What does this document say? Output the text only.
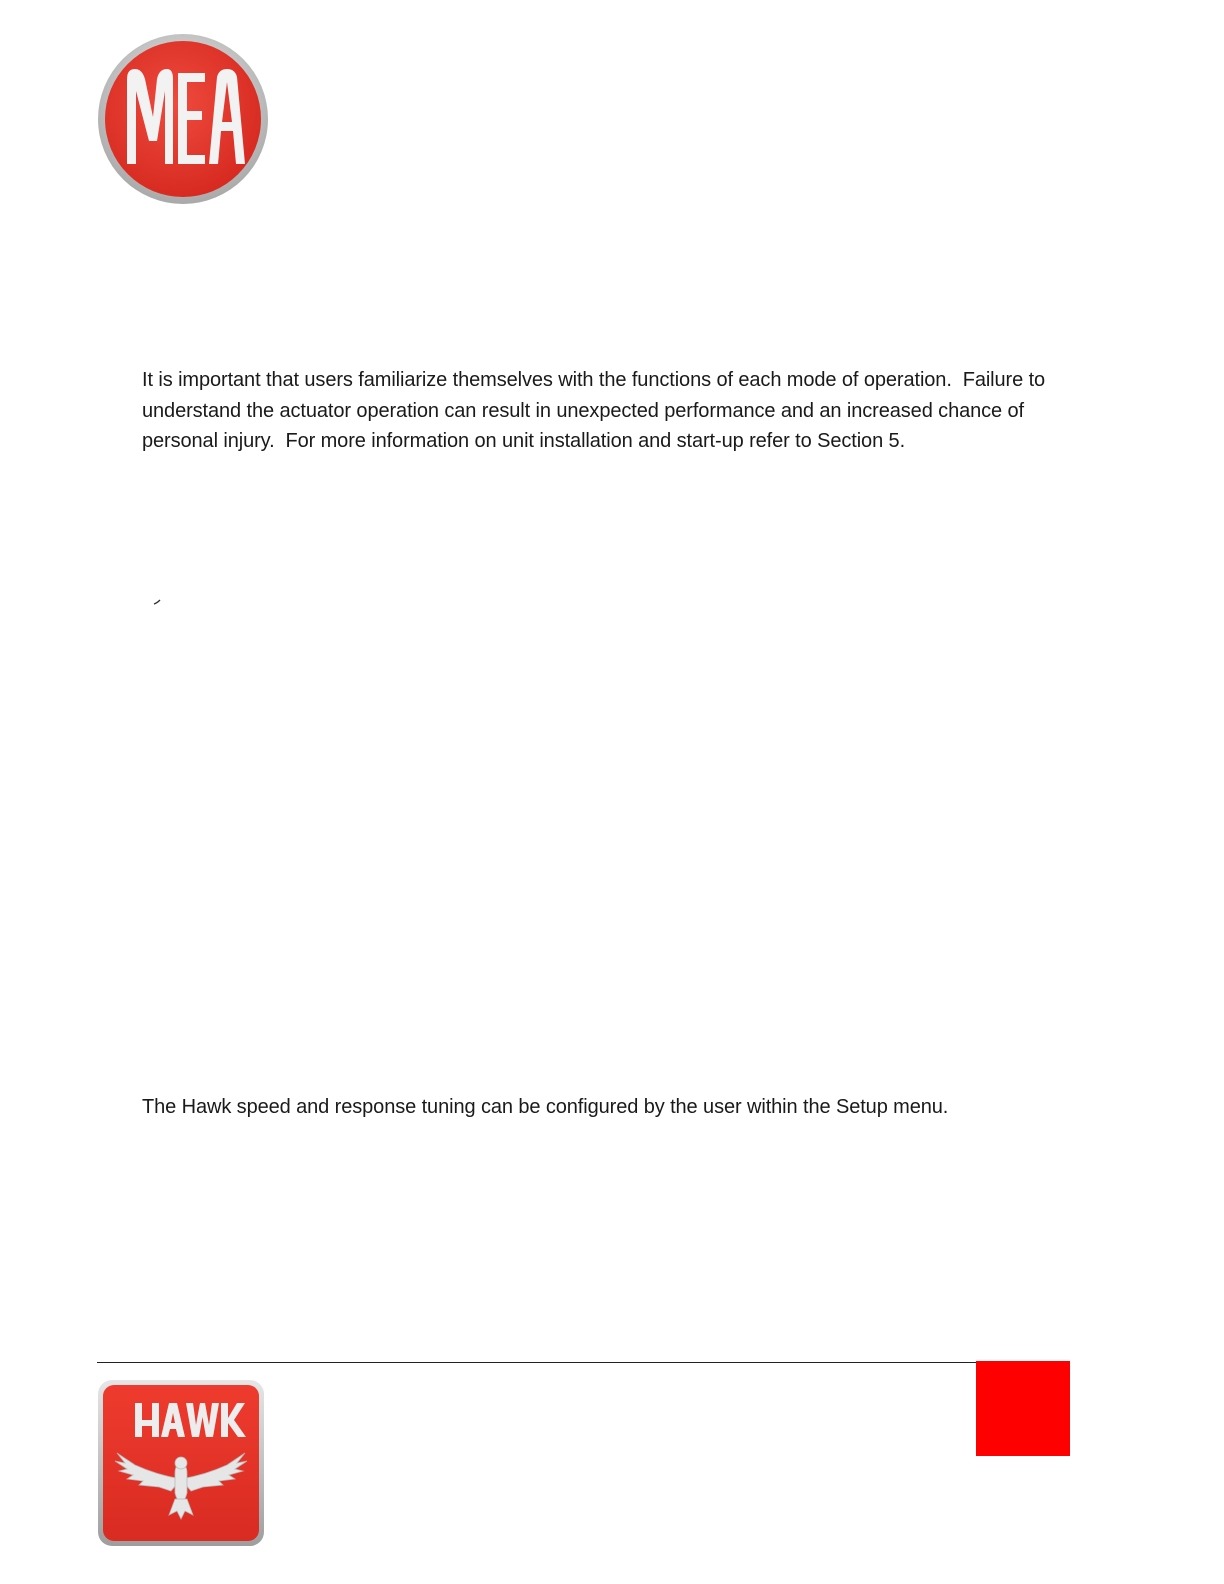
It is important that users familiarize themselves with the functions of each mode of operation.  Failure to understand the actuator operation can result in unexpected performance and an increased chance of personal injury.  For more information on unit installation and start-up refer to Section 5.
The Hawk speed and response tuning can be configured by the user within the Setup menu.
